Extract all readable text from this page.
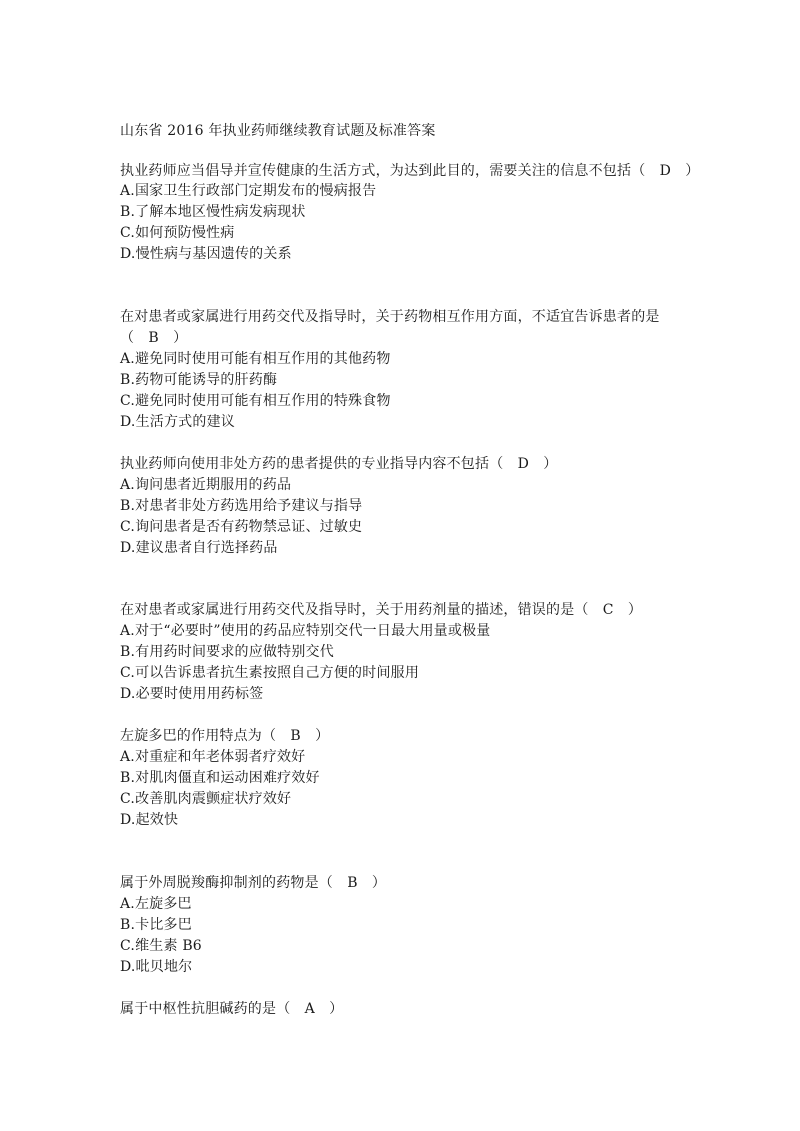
山东省 2016 年执业药师继续教育试题及标准答案
执业药师应当倡导并宣传健康的生活方式，为达到此目的，需要关注的信息不包括（　D　）
A.国家卫生行政部门定期发布的慢病报告
B.了解本地区慢性病发病现状
C.如何预防慢性病
D.慢性病与基因遗传的关系
在对患者或家属进行用药交代及指导时，关于药物相互作用方面，不适宜告诉患者的是
（　B　）
A.避免同时使用可能有相互作用的其他药物
B.药物可能诱导的肝药酶
C.避免同时使用可能有相互作用的特殊食物
D.生活方式的建议
执业药师向使用非处方药的患者提供的专业指导内容不包括（　D　）
A.询问患者近期服用的药品
B.对患者非处方药选用给予建议与指导
C.询问患者是否有药物禁忌证、过敏史
D.建议患者自行选择药品
在对患者或家属进行用药交代及指导时，关于用药剂量的描述，错误的是（　C　）
A.对于“必要时”使用的药品应特别交代一日最大用量或极量
B.有用药时间要求的应做特别交代
C.可以告诉患者抗生素按照自己方便的时间服用
D.必要时使用用药标签
左旋多巴的作用特点为（　B　）
A.对重症和年老体弱者疗效好
B.对肌肉僵直和运动困难疗效好
C.改善肌肉震颤症状疗效好
D.起效快
属于外周脱羧酶抑制剂的药物是（　B　）
A.左旋多巴
B.卡比多巴
C.维生素 B6
D.吡贝地尔
属于中枢性抗胆碱药的是（　A　）
